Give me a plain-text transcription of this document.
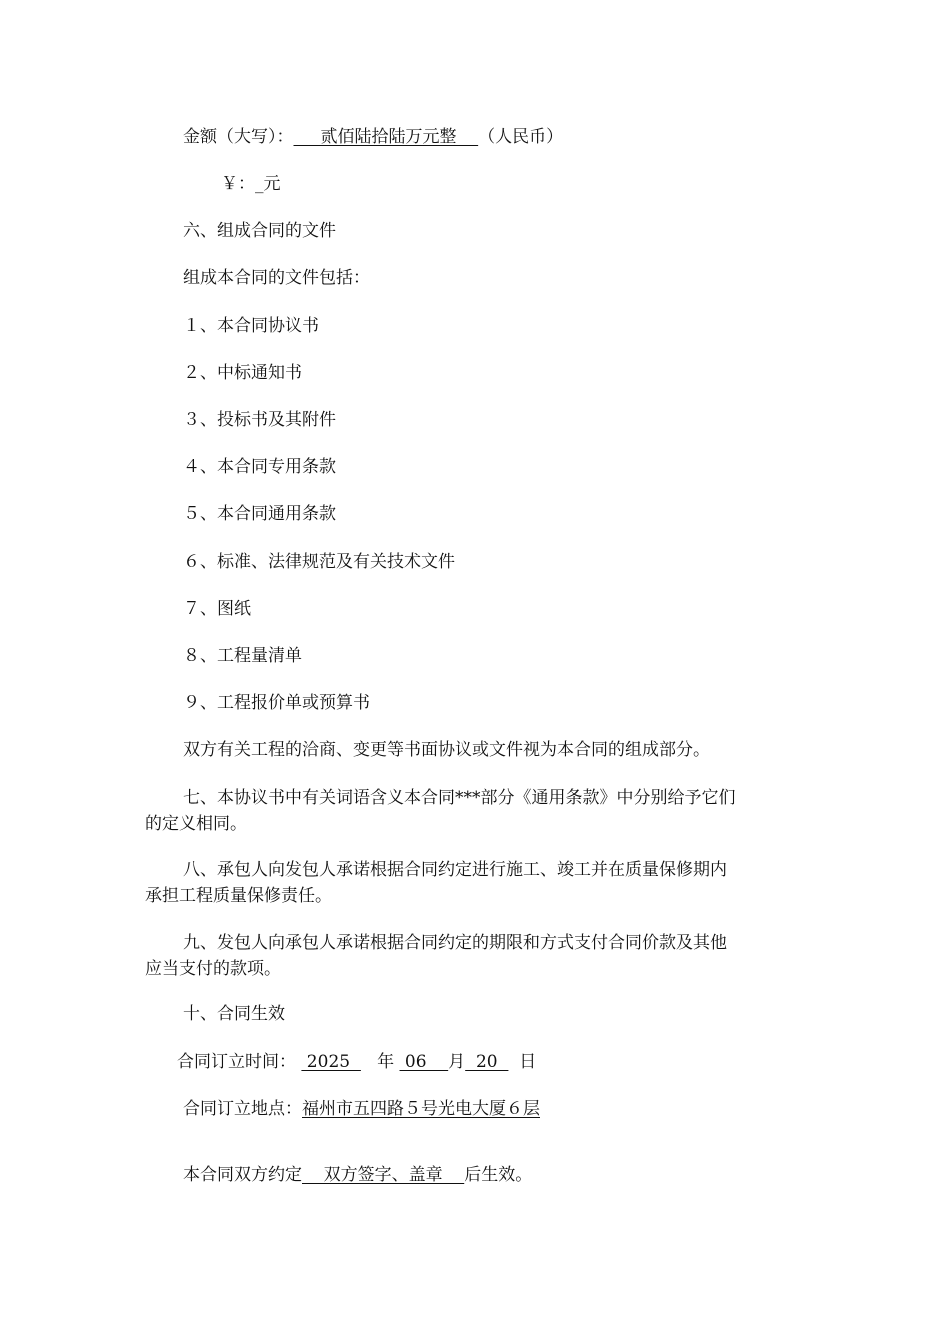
金额（大写）：     贰佰陆拾陆万元整    （人民币）
￥：_元
六、组成合同的文件
组成本合同的文件包括：
１、本合同协议书
２、中标通知书
３、投标书及其附件
４、本合同专用条款
５、本合同通用条款
６、标准、法律规范及有关技术文件
７、图纸
８、工程量清单
９、工程报价单或预算书
双方有关工程的洽商、变更等书面协议或文件视为本合同的组成部分。
七、本协议书中有关词语含义本合同***部分《通用条款》中分别给予它们
的定义相同。
八、承包人向发包人承诺根据合同约定进行施工、竣工并在质量保修期内
承担工程质量保修责任。
九、发包人向承包人承诺根据合同约定的期限和方式支付合同价款及其他
应当支付的款项。
十、合同生效
合同订立时间：  2025     年  06    月  20    日
合同订立地点：福州市五四路５号光电大厦６层
本合同双方约定    双方签字、盖章    后生效。
